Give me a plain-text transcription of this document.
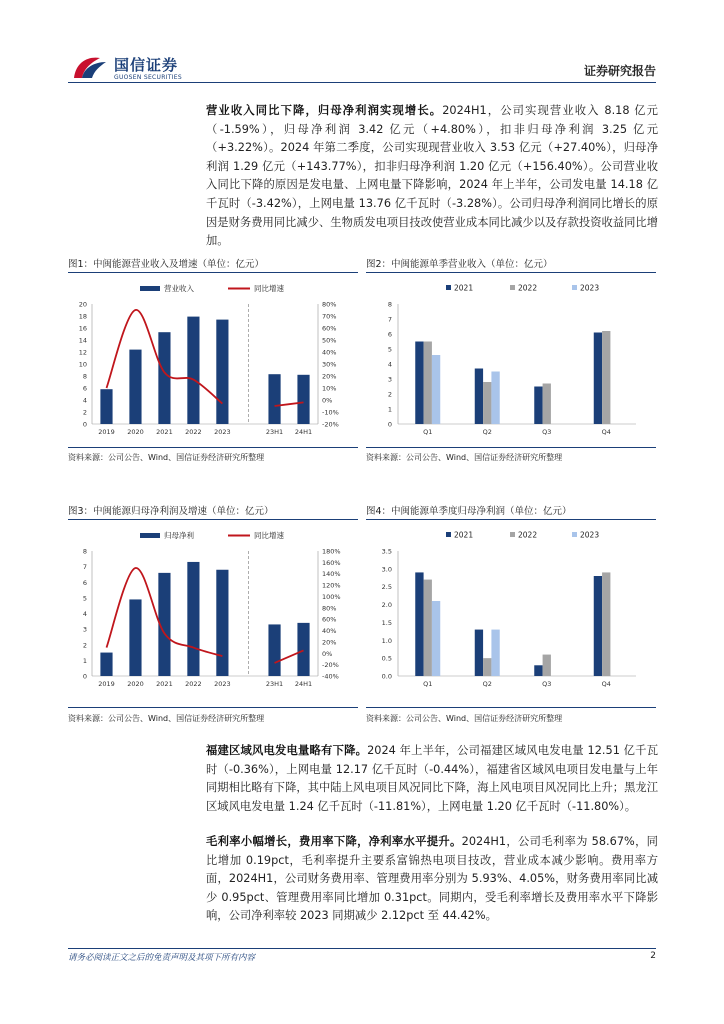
国信证券
GUOSEN SECURITIES	证券研究报告
营业收入同比下降，归母净利润实现增长。2024H1，公司实现营业收入 8.18 亿元（-1.59%），归母净利润 3.42 亿元（+4.80%），扣非归母净利润 3.25 亿元（+3.22%）。2024 年第二季度，公司实现现营业收入 3.53 亿元（+27.40%），归母净利润 1.29 亿元（+143.77%），扣非归母净利润 1.20 亿元（+156.40%）。公司营业收入同比下降的原因是发电量、上网电量下降影响，2024 年上半年，公司发电量 14.18 亿千瓦时（-3.42%），上网电量 13.76 亿千瓦时（-3.28%）。公司归母净利润同比增长的原因是财务费用同比减少、生物质发电项目技改使营业成本同比减少以及存款投资收益同比增加。
图1：中闽能源营业收入及增速（单位：亿元）
营业收入	同比增速
0
2
4
6
8
10
12
14
16
18
20
-20%
-10%
0%
10%
20%
30%
40%
50%
60%
70%
80%
2019 2020 2021 2022 2023	23H1 24H1
资料来源：公司公告、Wind、国信证券经济研究所整理
图2：中闽能源单季营业收入（单位：亿元）
2021	2022	2023
0
1
2
3
4
5
6
7
8
Q1	Q2	Q3	Q4
资料来源：公司公告、Wind、国信证券经济研究所整理
图3：中闽能源归母净利润及增速（单位：亿元）
归母净利	同比增速
0
1
2
3
4
5
6
7
8
-40%
-20%
0%
20%
40%
60%
80%
100%
120%
140%
160%
180%
2019 2020 2021 2022 2023	23H1 24H1
资料来源：公司公告、Wind、国信证券经济研究所整理
图4：中闽能源单季度归母净利润（单位：亿元）
2021	2022	2023
0.0
0.5
1.0
1.5
2.0
2.5
3.0
3.5
Q1	Q2	Q3	Q4
资料来源：公司公告、Wind、国信证券经济研究所整理
福建区域风电发电量略有下降。2024 年上半年，公司福建区域风电发电量 12.51 亿千瓦时（-0.36%），上网电量 12.17 亿千瓦时（-0.44%），福建省区域风电项目发电量与上年同期相比略有下降，其中陆上风电项目风况同比下降，海上风电项目风况同比上升；黑龙江区域风电发电量 1.24 亿千瓦时（-11.81%），上网电量 1.20 亿千瓦时（-11.80%）。
毛利率小幅增长，费用率下降，净利率水平提升。2024H1，公司毛利率为 58.67%，同比增加 0.19pct，毛利率提升主要系富锦热电项目技改，营业成本减少影响。费用率方面，2024H1，公司财务费用率、管理费用率分别为 5.93%、4.05%，财务费用率同比减少 0.95pct、管理费用率同比增加 0.31pct。同期内，受毛利率增长及费用率水平下降影响，公司净利率较 2023 同期减少 2.12pct 至 44.42%。
请务必阅读正文之后的免责声明及其项下所有内容	2
